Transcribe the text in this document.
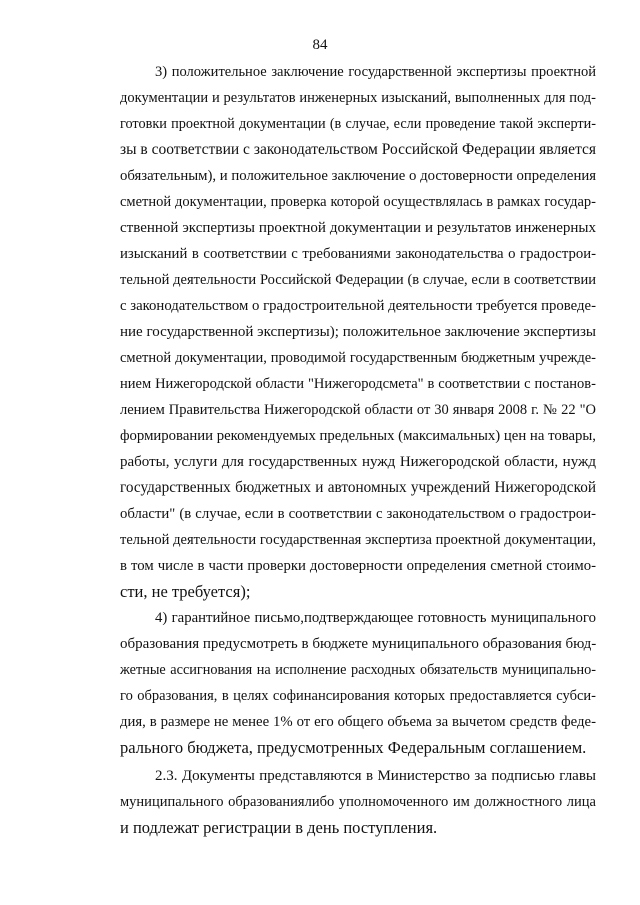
84
3) положительное заключение государственной экспертизы проектной
документации и результатов инженерных изысканий, выполненных для под-
готовки проектной документации (в случае, если проведение такой эксперти-
зы в соответствии с законодательством Российской Федерации является
обязательным), и положительное заключение о достоверности определения
сметной документации, проверка которой осуществлялась в рамках государ-
ственной экспертизы проектной документации и результатов инженерных
изысканий в соответствии с требованиями законодательства о градострои-
тельной деятельности Российской Федерации (в случае, если в соответствии
с законодательством о градостроительной деятельности требуется проведе-
ние государственной экспертизы); положительное заключение экспертизы
сметной документации, проводимой государственным бюджетным учрежде-
нием Нижегородской области "Нижегородсмета" в соответствии с постанов-
лением Правительства Нижегородской области от 30 января 2008 г. № 22 "О
формировании рекомендуемых предельных (максимальных) цен на товары,
работы, услуги для государственных нужд Нижегородской области, нужд
государственных бюджетных и автономных учреждений Нижегородской
области" (в случае, если в соответствии с законодательством о градострои-
тельной деятельности государственная экспертиза проектной документации,
в том числе в части проверки достоверности определения сметной стоимо-
сти, не требуется);
4) гарантийное письмо,подтверждающее готовность муниципального
образования предусмотреть в бюджете муниципального образования бюд-
жетные ассигнования на исполнение расходных обязательств муниципально-
го образования, в целях софинансирования которых предоставляется субси-
дия, в размере не менее 1% от его общего объема за вычетом средств феде-
рального бюджета, предусмотренных Федеральным соглашением.
2.3. Документы представляются в Министерство за подписью главы
муниципального образованиялибо уполномоченного им должностного лица
и подлежат регистрации в день поступления.
